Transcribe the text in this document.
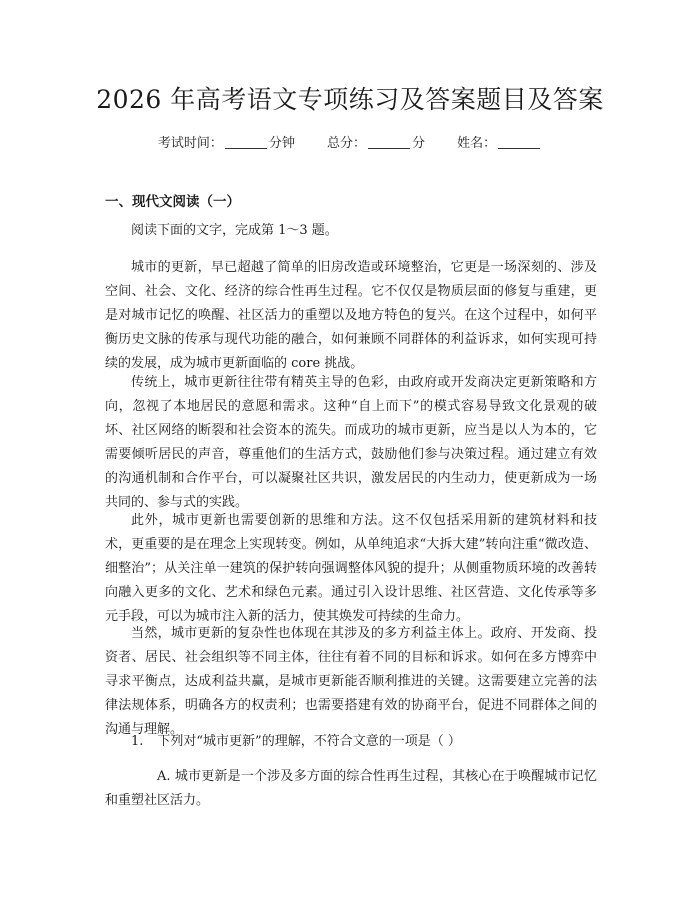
2026 年高考语文专项练习及答案题目及答案
考试时间：	分钟 总分：	分 姓名：
一、现代文阅读（一）

阅读下面的文字，完成第 1～3 题。

城市的更新，早已超越了简单的旧房改造或环境整治，它更是一场深刻的、涉及空间、社会、文化、经济的综合性再生过程。它不仅仅是物质层面的修复与重建，更是对城市记忆的唤醒、社区活力的重塑以及地方特色的复兴。在这个过程中，如何平衡历史文脉的传承与现代功能的融合，如何兼顾不同群体的利益诉求，如何实现可持续的发展，成为城市更新面临的 core 挑战。

传统上，城市更新往往带有精英主导的色彩，由政府或开发商决定更新策略和方向，忽视了本地居民的意愿和需求。这种“自上而下”的模式容易导致文化景观的破坏、社区网络的断裂和社会资本的流失。而成功的城市更新，应当是以人为本的，它需要倾听居民的声音，尊重他们的生活方式，鼓励他们参与决策过程。通过建立有效的沟通机制和合作平台，可以凝聚社区共识，激发居民的内生动力，使更新成为一场共同的、参与式的实践。

此外，城市更新也需要创新的思维和方法。这不仅包括采用新的建筑材料和技术，更重要的是在理念上实现转变。例如，从单纯追求“大拆大建”转向注重“微改造、细整治”；从关注单一建筑的保护转向强调整体风貌的提升；从侧重物质环境的改善转向融入更多的文化、艺术和绿色元素。通过引入设计思维、社区营造、文化传承等多元手段，可以为城市注入新的活力，使其焕发可持续的生命力。

当然，城市更新的复杂性也体现在其涉及的多方利益主体上。政府、开发商、投资者、居民、社会组织等不同主体，往往有着不同的目标和诉求。如何在多方博弈中寻求平衡点，达成利益共赢，是城市更新能否顺利推进的关键。这需要建立完善的法律法规体系，明确各方的权责利；也需要搭建有效的协商平台，促进不同群体之间的沟通与理解。

1. 下列对“城市更新”的理解，不符合文意的一项是（ ）

A. 城市更新是一个涉及多方面的综合性再生过程，其核心在于唤醒城市记忆和重塑社区活力。
